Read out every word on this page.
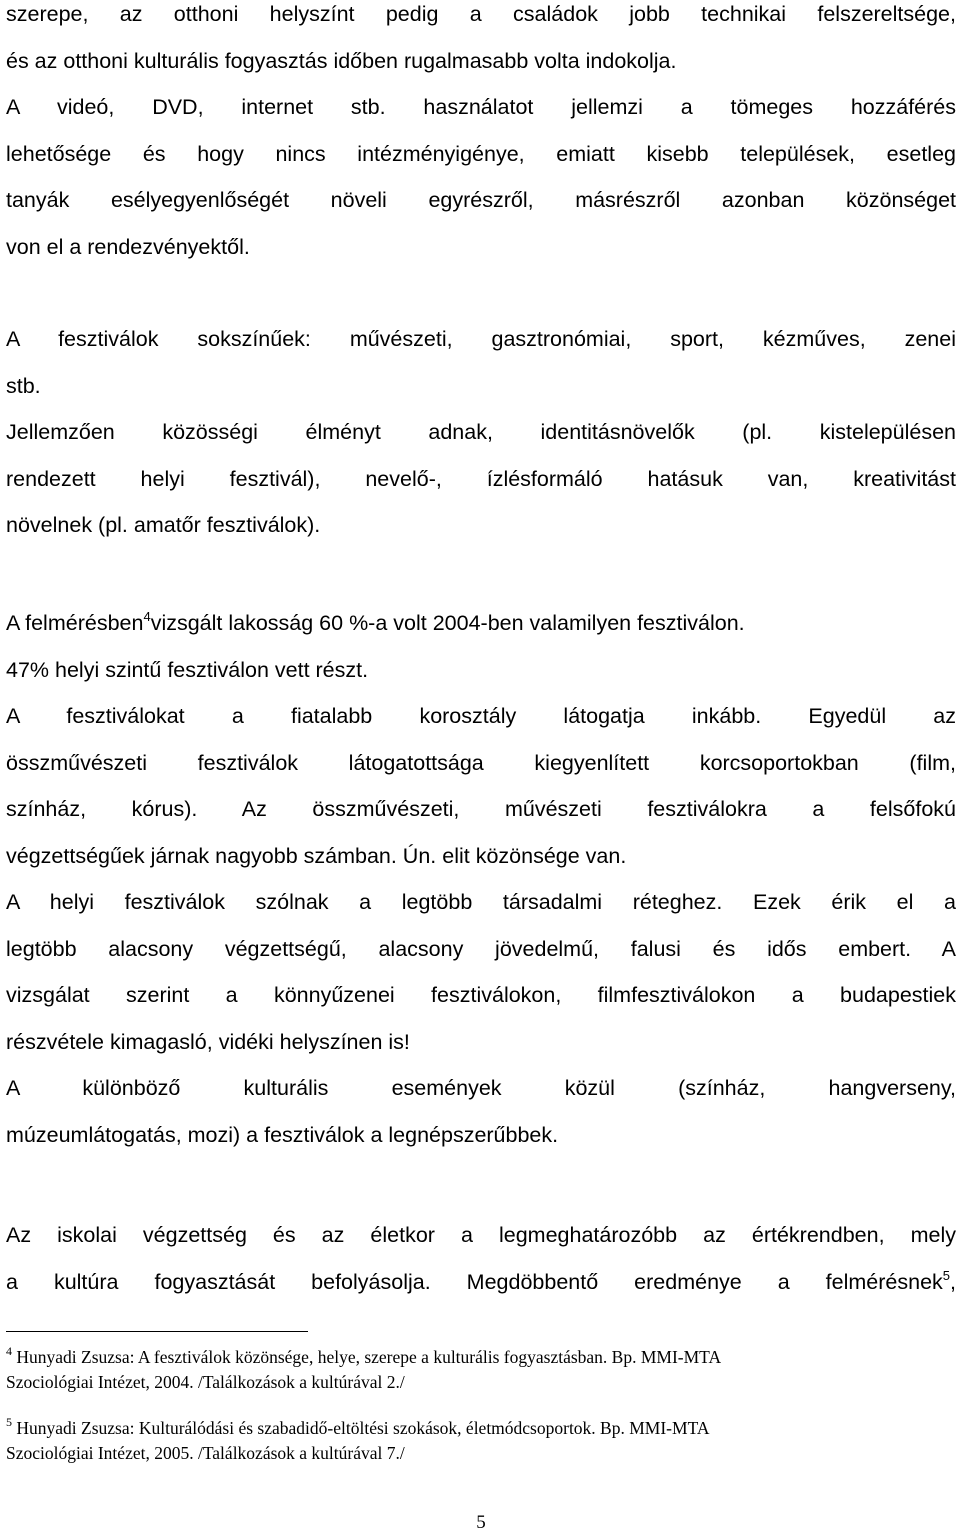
szerepe, az otthoni helyszínt pedig a családok jobb technikai felszereltsége,
és az otthoni kulturális fogyasztás időben rugalmasabb volta indokolja.
A videó, DVD, internet stb. használatot jellemzi a tömeges hozzáférés
lehetősége és hogy nincs intézményigénye, emiatt kisebb települések, esetleg
tanyák esélyegyenlőségét növeli egyrészről, másrészről azonban közönséget
von el a rendezvényektől.
A fesztiválok sokszínűek: művészeti, gasztronómiai, sport, kézműves, zenei
stb.
Jellemzően közösségi élményt adnak, identitásnövelők (pl. kistelepülésen
rendezett helyi fesztivál), nevelő-, ízlésformáló hatásuk van, kreativitást
növelnek (pl. amatőr fesztiválok).
A felmérésben$^4$vizsgált lakosság 60 %-a volt 2004-ben valamilyen fesztiválon.
47% helyi szintű fesztiválon vett részt.
A fesztiválokat a fiatalabb korosztály látogatja inkább. Egyedül az
összművészeti fesztiválok látogatottsága kiegyenlített korcsoportokban (film,
színház, kórus). Az összművészeti, művészeti fesztiválokra a felsőfokú
végzettségűek járnak nagyobb számban. Ún. elit közönsége van.
A helyi fesztiválok szólnak a legtöbb társadalmi réteghez. Ezek érik el a
legtöbb alacsony végzettségű, alacsony jövedelmű, falusi és idős embert. A
vizsgálat szerint a könnyűzenei fesztiválokon, filmfesztiválokon a budapestiek
részvétele kimagasló, vidéki helyszínen is!
A különböző kulturális események közül (színház, hangverseny,
múzeumlátogatás, mozi) a fesztiválok a legnépszerűbbek.
Az iskolai végzettség és az életkor a legmeghatározóbb az értékrendben, mely
a kultúra fogyasztását befolyásolja. Megdöbbentő eredménye a felmérésnek$^5$,
$^4$ Hunyadi Zsuzsa: A fesztiválok közönsége, helye, szerepe a kulturális fogyasztásban. Bp. MMI-MTA
Szociológiai Intézet, 2004. /Találkozások a kultúrával 2./
$^5$ Hunyadi Zsuzsa: Kulturálódási és szabadidő-eltöltési szokások, életmódcsoportok. Bp. MMI-MTA
Szociológiai Intézet, 2005. /Találkozások a kultúrával 7./
5
